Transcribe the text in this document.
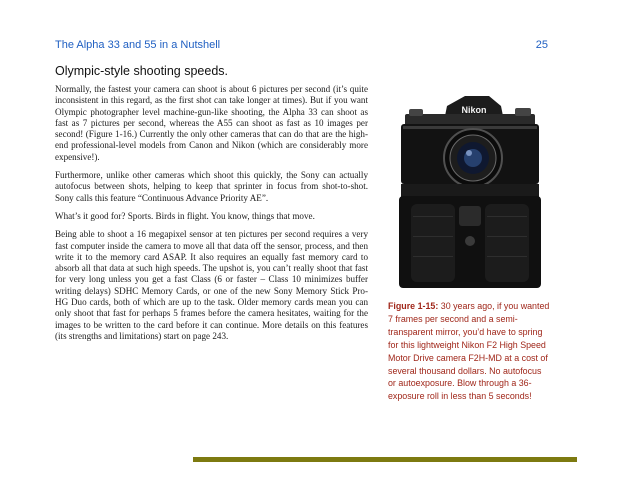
The Alpha 33 and 55 in a Nutshell	25
Olympic-style shooting speeds.

Normally, the fastest your camera can shoot is about 6 pictures per second (it’s quite inconsistent in this regard, as the first shot can take longer at times). But if you want Olympic photographer level machine-gun-like shooting, the Alpha 33 can shoot as fast as 7 pictures per second, whereas the A55 can shoot as fast as 10 images per second! (Figure 1-16.) Currently the only other cameras that can do that are the high-end professional-level models from Canon and Nikon (which are considerably more expensive!).

Furthermore, unlike other cameras which shoot this quickly, the Sony can actually autofocus between shots, helping to keep that sprinter in focus from shot-to-shot. Sony calls this feature “Continuous Advance Priority AE”.

What’s it good for? Sports. Birds in flight. You know, things that move.

Being able to shoot a 16 megapixel sensor at ten pictures per second requires a very fast computer inside the camera to move all that data off the sensor, process, and then write it to the memory card ASAP. It also requires an equally fast memory card to absorb all that data at such high speeds. The upshot is, you can’t really shoot that fast for very long unless you get a fast Class (6 or faster – Class 10 minimizes buffer writing delays) SDHC Memory Cards, or one of the new Sony Memory Stick Pro-HG Duo cards, both of which are up to the task. Older memory cards mean you can only shoot that fast for perhaps 5 frames before the camera hesitates, waiting for the images to be written to the card before it can continue. More details on this features (its strengths and limitations) start on page 243.

Nikon
Figure 1-15: 30 years ago, if you wanted 7 frames per second and a semi-transparent mirror, you’d have to spring for this lightweight Nikon F2 High Speed Motor Drive camera F2H-MD at a cost of several thousand dollars. No autofocus or autoexposure. Blow through a 36-exposure roll in less than 5 seconds!
